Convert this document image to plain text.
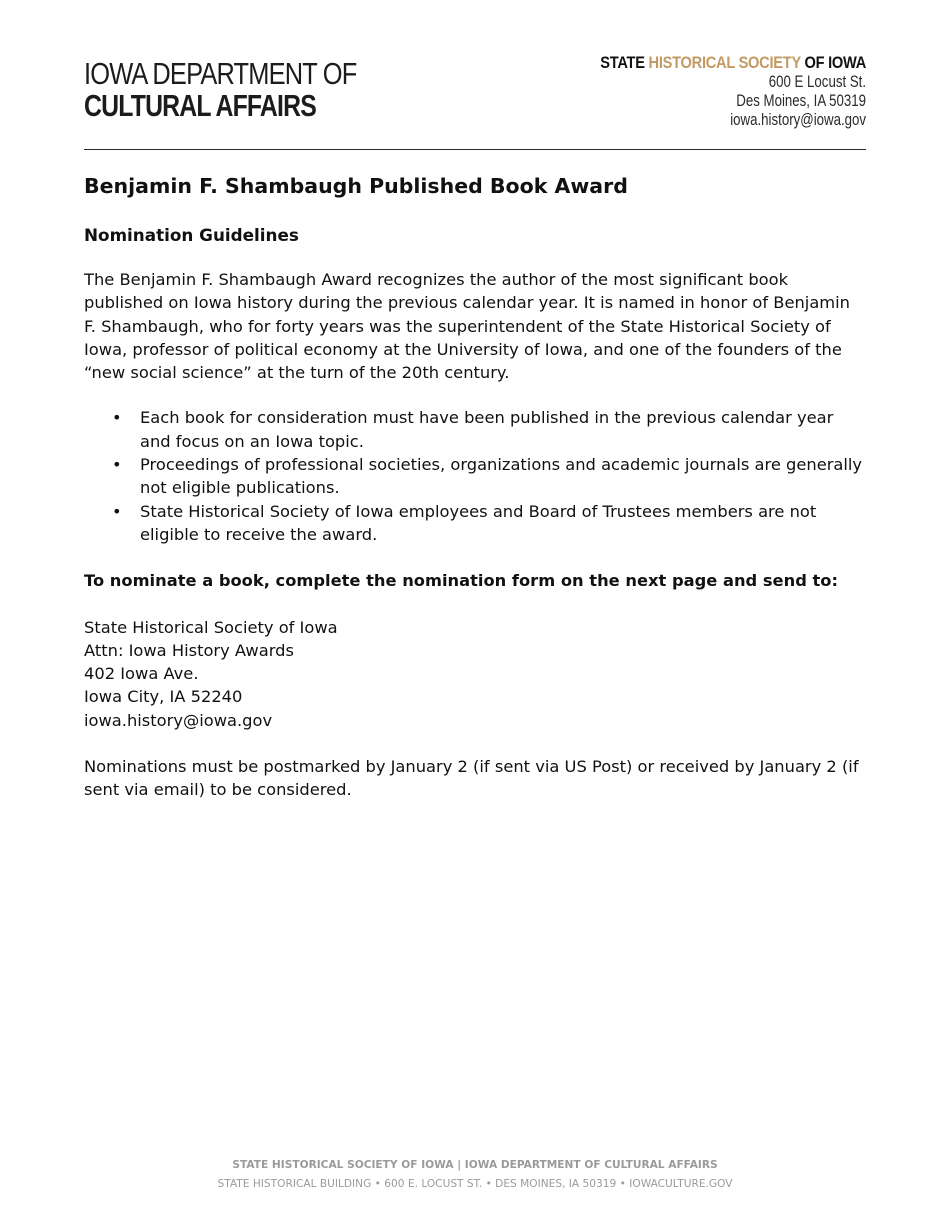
IOWA DEPARTMENT OF
CULTURAL AFFAIRS
STATE HISTORICAL SOCIETY OF IOWA
600 E Locust St.
Des Moines, IA 50319
iowa.history@iowa.gov
Benjamin F. Shambaugh Published Book Award
Nomination Guidelines

The Benjamin F. Shambaugh Award recognizes the author of the most significant book published on Iowa history during the previous calendar year. It is named in honor of Benjamin F. Shambaugh, who for forty years was the superintendent of the State Historical Society of Iowa, professor of political economy at the University of Iowa, and one of the founders of the “new social science” at the turn of the 20th century.

• Each book for consideration must have been published in the previous calendar year and focus on an Iowa topic.
• Proceedings of professional societies, organizations and academic journals are generally not eligible publications.
• State Historical Society of Iowa employees and Board of Trustees members are not eligible to receive the award.

To nominate a book, complete the nomination form on the next page and send to:

State Historical Society of Iowa
Attn: Iowa History Awards
402 Iowa Ave.
Iowa City, IA 52240
iowa.history@iowa.gov

Nominations must be postmarked by January 2 (if sent via US Post) or received by January 2 (if sent via email) to be considered.

STATE HISTORICAL SOCIETY OF IOWA | IOWA DEPARTMENT OF CULTURAL AFFAIRS
STATE HISTORICAL BUILDING • 600 E. LOCUST ST. • DES MOINES, IA 50319 • IOWACULTURE.GOV
